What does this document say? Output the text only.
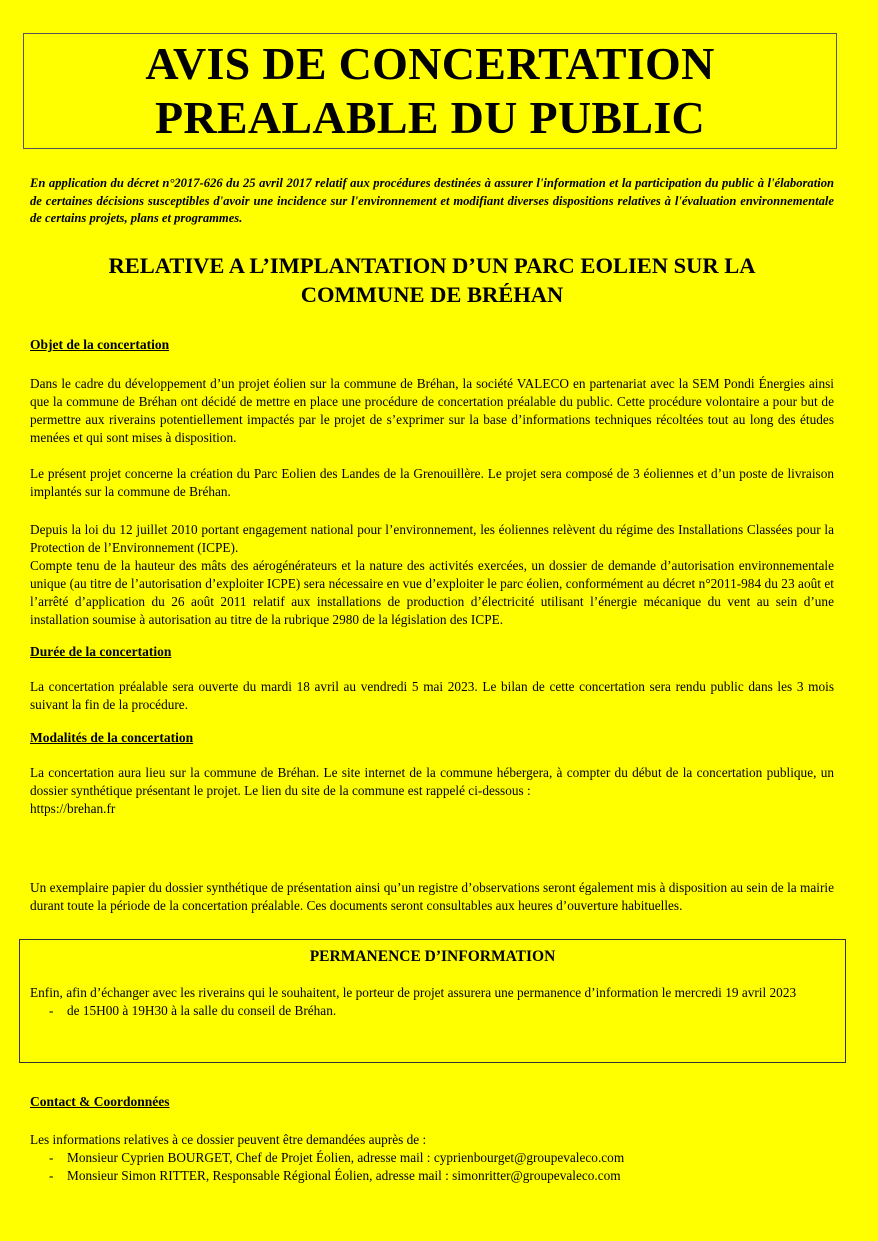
AVIS DE CONCERTATION
PREALABLE DU PUBLIC
En application du décret n°2017-626 du 25 avril 2017 relatif aux procédures destinées à assurer l'information et la participation du public à l'élaboration de certaines décisions susceptibles d'avoir une incidence sur l'environnement et modifiant diverses dispositions relatives à l'évaluation environnementale de certains projets, plans et programmes.
RELATIVE A L’IMPLANTATION D’UN PARC EOLIEN SUR LA
COMMUNE DE BRÉHAN
Objet de la concertation
Dans le cadre du développement d’un projet éolien sur la commune de Bréhan, la société VALECO en partenariat avec la SEM Pondi Énergies ainsi que la commune de Bréhan ont décidé de mettre en place une procédure de concertation préalable du public. Cette procédure volontaire a pour but de permettre aux riverains potentiellement impactés par le projet de s’exprimer sur la base d’informations techniques récoltées tout au long des études menées et qui sont mises à disposition.
Le présent projet concerne la création du Parc Eolien des Landes de la Grenouillère. Le projet sera composé de 3 éoliennes et d’un poste de livraison implantés sur la commune de Bréhan.
Depuis la loi du 12 juillet 2010 portant engagement national pour l’environnement, les éoliennes relèvent du régime des Installations Classées pour la Protection de l’Environnement (ICPE).
Compte tenu de la hauteur des mâts des aérogénérateurs et la nature des activités exercées, un dossier de demande d’autorisation environnementale unique (au titre de l’autorisation d’exploiter ICPE) sera nécessaire en vue d’exploiter le parc éolien, conformément au décret n°2011-984 du 23 août et l’arrêté d’application du 26 août 2011 relatif aux installations de production d’électricité utilisant l’énergie mécanique du vent au sein d’une installation soumise à autorisation au titre de la rubrique 2980 de la législation des ICPE.
Durée de la concertation
La concertation préalable sera ouverte du mardi 18 avril au vendredi 5 mai 2023. Le bilan de cette concertation sera rendu public dans les 3 mois suivant la fin de la procédure.
Modalités de la concertation
La concertation aura lieu sur la commune de Bréhan. Le site internet de la commune hébergera, à compter du début de la concertation publique, un dossier synthétique présentant le projet. Le lien du site de la commune est rappelé ci-dessous :
https://brehan.fr
Un exemplaire papier du dossier synthétique de présentation ainsi qu’un registre d’observations seront également mis à disposition au sein de la mairie durant toute la période de la concertation préalable. Ces documents seront consultables aux heures d’ouverture habituelles.
PERMANENCE D’INFORMATION
Enfin, afin d’échanger avec les riverains qui le souhaitent, le porteur de projet assurera une permanence d’information le mercredi 19 avril 2023
- de 15H00 à 19H30 à la salle du conseil de Bréhan.
Contact & Coordonnées
Les informations relatives à ce dossier peuvent être demandées auprès de :
- Monsieur Cyprien BOURGET, Chef de Projet Éolien, adresse mail : cyprienbourget@groupevaleco.com
- Monsieur Simon RITTER, Responsable Régional Éolien, adresse mail : simonritter@groupevaleco.com
